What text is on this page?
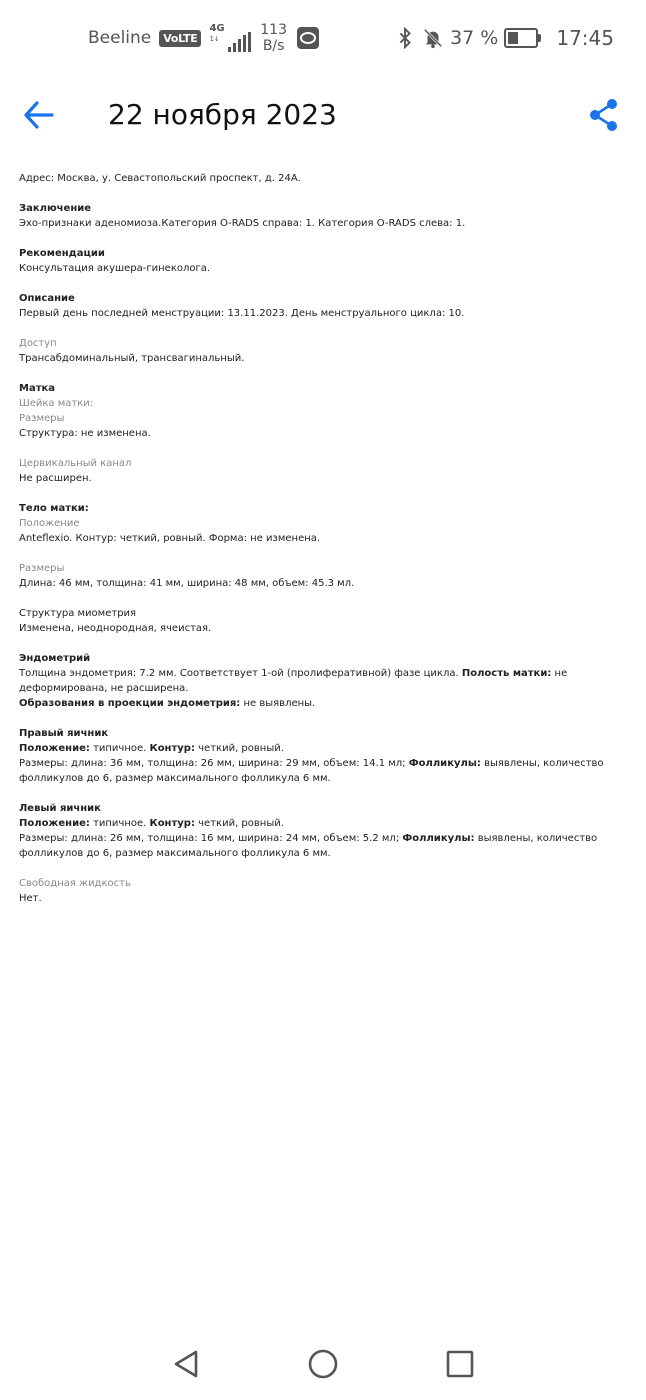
Beeline	VoLTE
4G
1↓
113
B/s	37 %	17:45
22 ноября 2023
Адрес: Москва, у. Севастопольский проспект, д. 24А.
Заключение
Эхо-признаки аденомиоза.Категория O-RADS справа: 1. Категория O-RADS слева: 1.
Рекомендации
Консультация акушера-гинеколога.
Описание
Первый день последней менструации: 13.11.2023. День менструального цикла: 10.
Доступ
Трансабдоминальный, трансвагинальный.
Матка
Шейка матки:
Размеры
Структура: не изменена.
Цервикальный канал
Не расширен.
Тело матки:
Положение
Anteflexio. Контур: четкий, ровный. Форма: не изменена.
Размеры
Длина: 46 мм, толщина: 41 мм, ширина: 48 мм, объем: 45.3 мл.
Структура миометрия
Изменена, неоднородная, ячеистая.
Эндометрий
Толщина эндометрия: 7.2 мм. Соответствует 1-ой (пролиферативной) фазе цикла. Полость матки: не деформирована, не расширена.
Образования в проекции эндометрия: не выявлены.
Правый яичник
Положение: типичное. Контур: четкий, ровный.
Размеры: длина: 36 мм, толщина: 26 мм, ширина: 29 мм, объем: 14.1 мл; Фолликулы: выявлены, количество фолликулов до 6, размер максимального фолликула 6 мм.
Левый яичник
Положение: типичное. Контур: четкий, ровный.
Размеры: длина: 26 мм, толщина: 16 мм, ширина: 24 мм, объем: 5.2 мл; Фолликулы: выявлены, количество фолликулов до 6, размер максимального фолликула 6 мм.
Свободная жидкость
Нет.
